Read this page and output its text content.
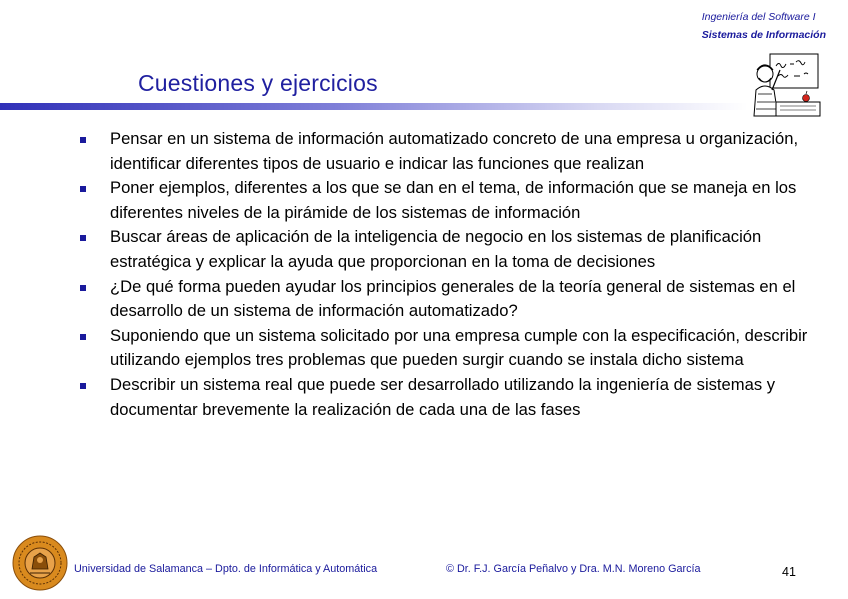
Ingeniería del Software I
Sistemas de Información
Cuestiones y ejercicios
Pensar en un sistema de información automatizado concreto de una empresa u organización, identificar diferentes tipos de usuario e indicar las funciones que realizan
Poner ejemplos, diferentes a los que se dan en el tema, de información que se maneja en los diferentes niveles de la pirámide de los sistemas de información
Buscar áreas de aplicación de la inteligencia de negocio en los sistemas de planificación estratégica y explicar la ayuda que proporcionan en la toma de decisiones
¿De qué forma pueden ayudar los principios generales de la teoría general de sistemas en el desarrollo de un sistema de información automatizado?
Suponiendo que un sistema solicitado por una empresa cumple con la especificación, describir utilizando ejemplos tres problemas que pueden surgir cuando se instala dicho sistema
Describir un sistema real que puede ser desarrollado utilizando la ingeniería de sistemas y documentar brevemente la realización de cada una de las fases
Universidad de Salamanca – Dpto. de Informática y Automática	© Dr. F.J. García Peñalvo y Dra. M.N. Moreno García	41
